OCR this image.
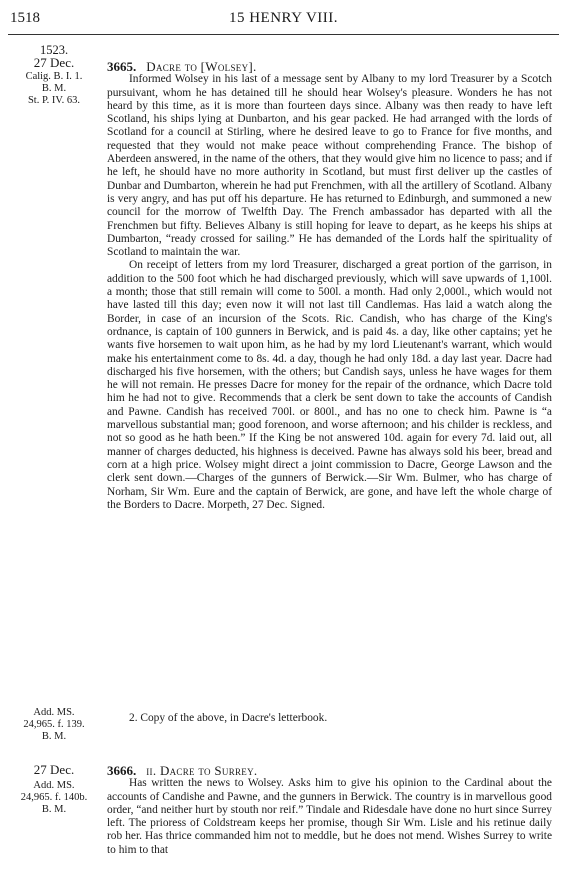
1518	15 HENRY VIII.
1523.
27 Dec.
Calig. B. I. 1.
B. M.
St. P. IV. 63.
3665. Dacre to [Wolsey].

Informed Wolsey in his last of a message sent by Albany to my lord Treasurer by a Scotch pursuivant, whom he has detained till he should hear Wolsey's pleasure. Wonders he has not heard by this time, as it is more than fourteen days since. Albany was then ready to have left Scotland, his ships lying at Dunbarton, and his gear packed. He had arranged with the lords of Scotland for a council at Stirling, where he desired leave to go to France for five months, and requested that they would not make peace without comprehending France. The bishop of Aberdeen answered, in the name of the others, that they would give him no licence to pass; and if he left, he should have no more authority in Scotland, but must first deliver up the castles of Dunbar and Dumbarton, wherein he had put Frenchmen, with all the artillery of Scotland. Albany is very angry, and has put off his departure. He has returned to Edinburgh, and summoned a new council for the morrow of Twelfth Day. The French ambassador has departed with all the Frenchmen but fifty. Believes Albany is still hoping for leave to depart, as he keeps his ships at Dumbarton, “ready crossed for sailing.” He has demanded of the Lords half the spirituality of Scotland to maintain the war.

On receipt of letters from my lord Treasurer, discharged a great portion of the garrison, in addition to the 500 foot which he had discharged previously, which will save upwards of 1,100l. a month; those that still remain will come to 500l. a month. Had only 2,000l., which would not have lasted till this day; even now it will not last till Candlemas. Has laid a watch along the Border, in case of an incursion of the Scots. Ric. Candish, who has charge of the King's ordnance, is captain of 100 gunners in Berwick, and is paid 4s. a day, like other captains; yet he wants five horsemen to wait upon him, as he had by my lord Lieutenant's warrant, which would make his entertainment come to 8s. 4d. a day, though he had only 18d. a day last year. Dacre had discharged his five horsemen, with the others; but Candish says, unless he have wages for them he will not remain. He presses Dacre for money for the repair of the ordnance, which Dacre told him he had not to give. Recommends that a clerk be sent down to take the accounts of Candish and Pawne. Candish has received 700l. or 800l., and has no one to check him. Pawne is “a marvellous substantial man; good forenoon, and worse afternoon; and his childer is reckless, and not so good as he hath been.” If the King be not answered 10d. again for every 7d. laid out, all manner of charges deducted, his highness is deceived. Pawne has always sold his beer, bread and corn at a high price. Wolsey might direct a joint commission to Dacre, George Lawson and the clerk sent down.—Charges of the gunners of Berwick.—Sir Wm. Bulmer, who has charge of Norham, Sir Wm. Eure and the captain of Berwick, are gone, and have left the whole charge of the Borders to Dacre. Morpeth, 27 Dec. Signed.

Add. MS.
24,965. f. 139.
B. M.

2. Copy of the above, in Dacre's letterbook.

27 Dec.
Add. MS.
24,965. f. 140b.
B. M.
3666. ii. Dacre to Surrey.

Has written the news to Wolsey. Asks him to give his opinion to the Cardinal about the accounts of Candishe and Pawne, and the gunners in Berwick. The country is in marvellous good order, “and neither hurt by stouth nor reif.” Tindale and Ridesdale have done no hurt since Surrey left. The prioress of Coldstream keeps her promise, though Sir Wm. Lisle and his retinue daily rob her. Has thrice commanded him not to meddle, but he does not mend. Wishes Surrey to write to him to that
